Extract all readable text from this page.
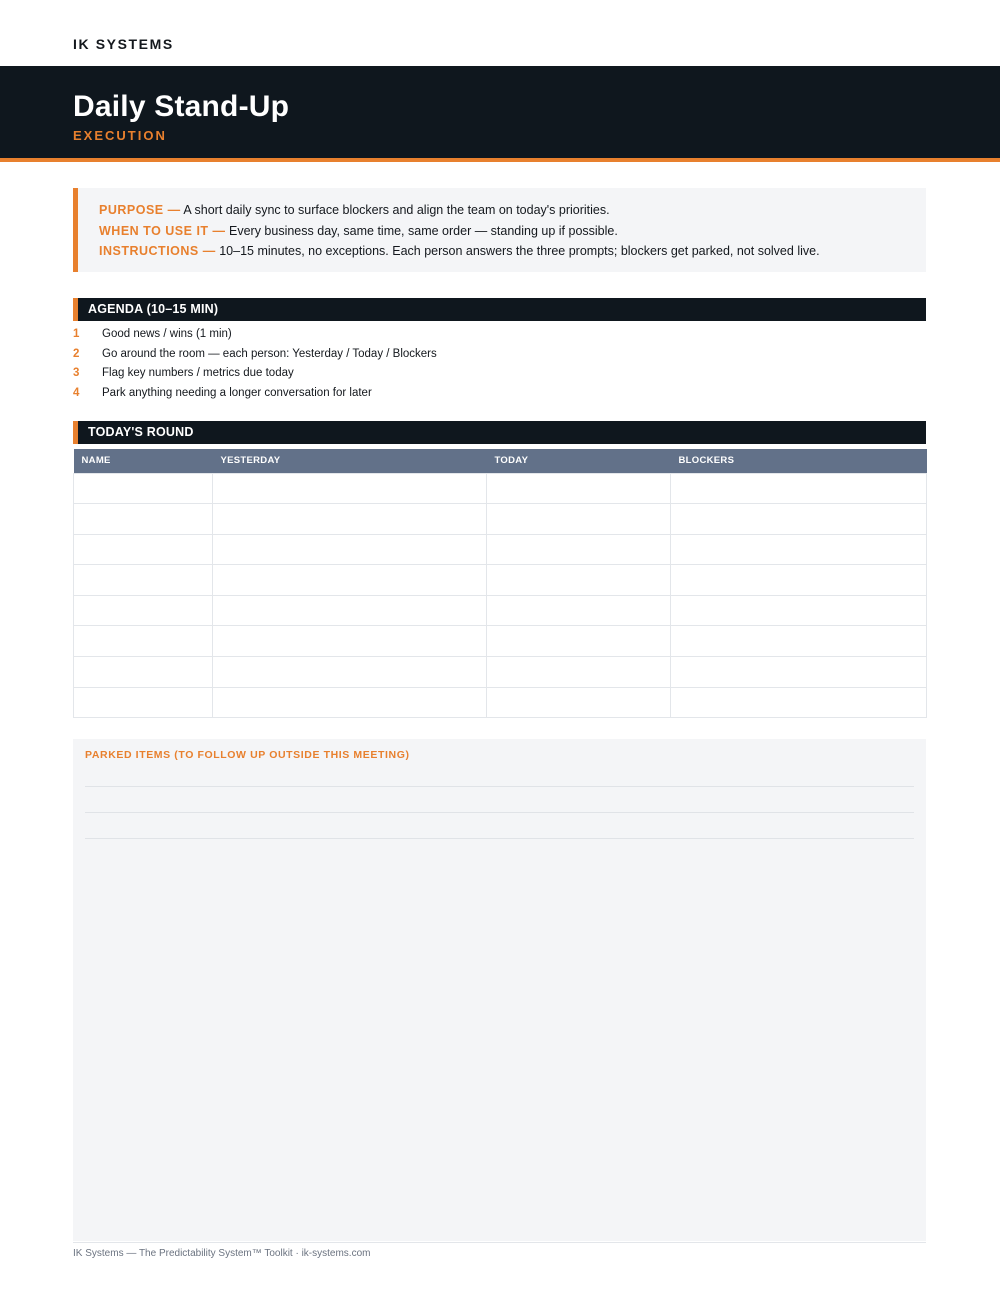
IK SYSTEMS
Daily Stand-Up
EXECUTION
PURPOSE — A short daily sync to surface blockers and align the team on today's priorities.
WHEN TO USE IT — Every business day, same time, same order — standing up if possible.
INSTRUCTIONS — 10–15 minutes, no exceptions. Each person answers the three prompts; blockers get parked, not solved live.
AGENDA (10–15 MIN)
1	Good news / wins (1 min)
2	Go around the room — each person: Yesterday / Today / Blockers
3	Flag key numbers / metrics due today
4	Park anything needing a longer conversation for later
TODAY'S ROUND
NAME	YESTERDAY	TODAY	BLOCKERS

PARKED ITEMS (TO FOLLOW UP OUTSIDE THIS MEETING)
IK Systems — The Predictability System™ Toolkit · ik-systems.com
